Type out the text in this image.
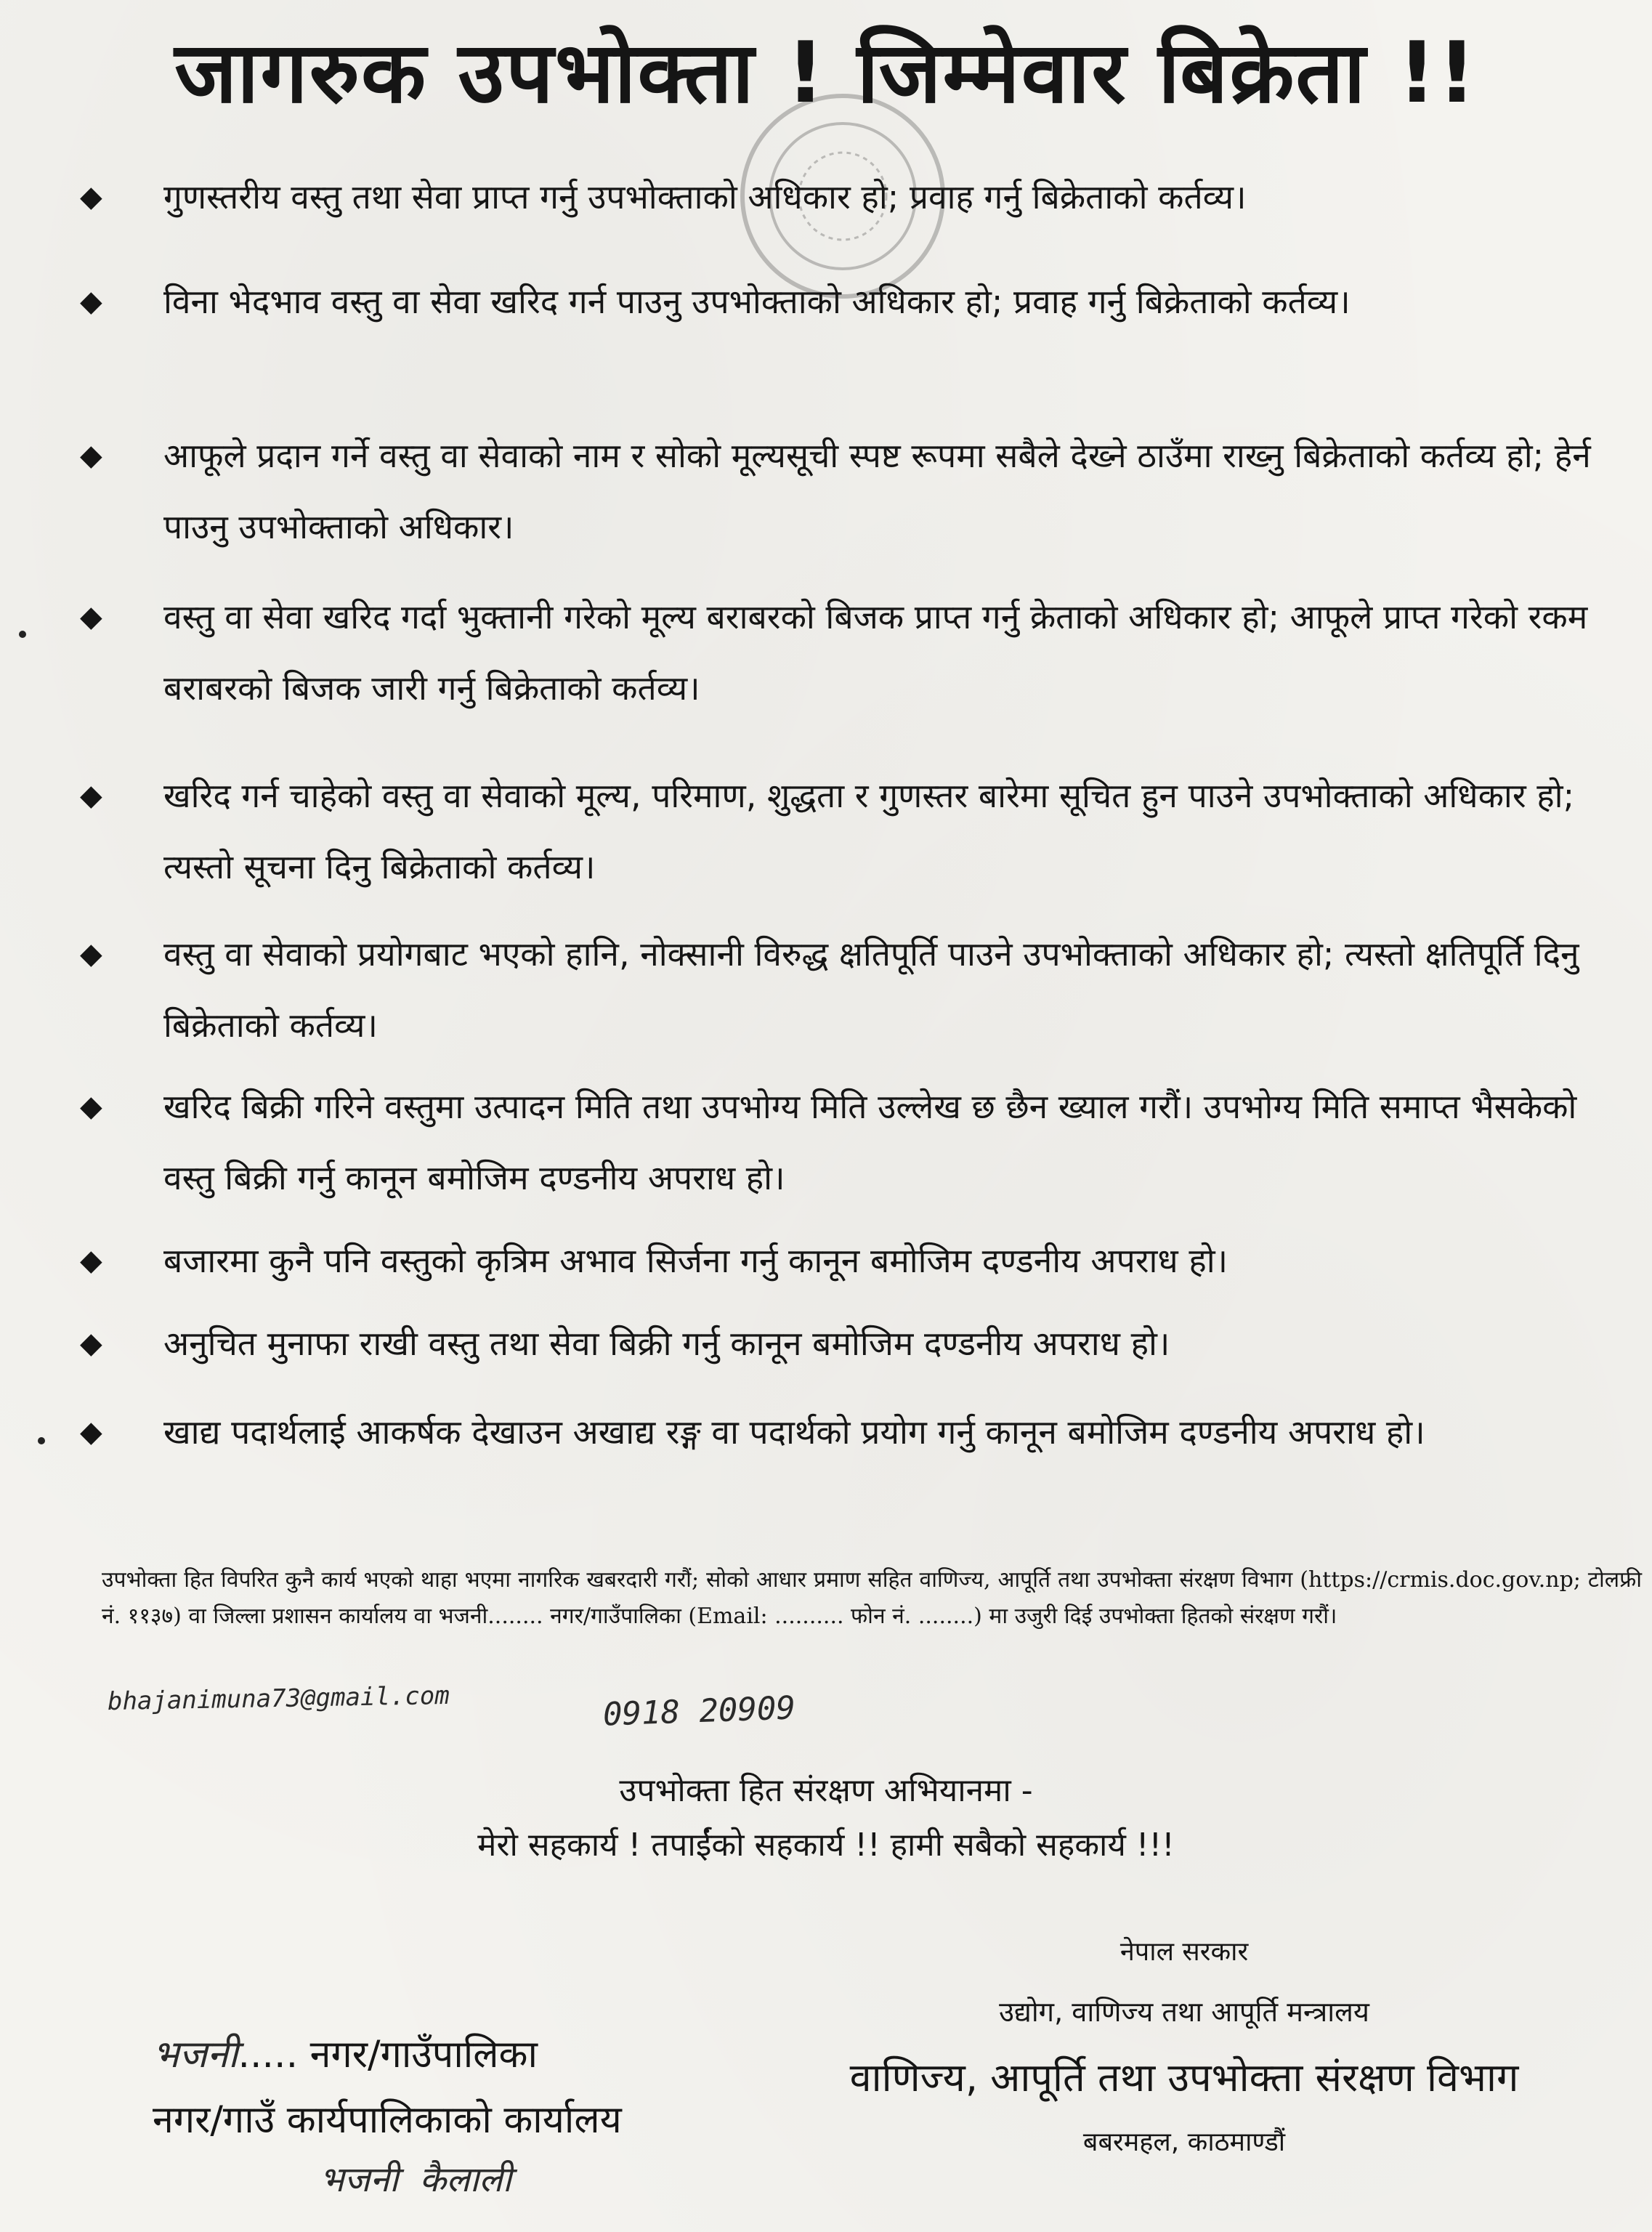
जागरुक उपभोक्ता ! जिम्मेवार बिक्रेता !!
◆	गुणस्तरीय वस्तु तथा सेवा प्राप्त गर्नु उपभोक्ताको अधिकार हो; प्रवाह गर्नु बिक्रेताको कर्तव्य।
◆	विना भेदभाव वस्तु वा सेवा खरिद गर्न पाउनु उपभोक्ताको अधिकार हो; प्रवाह गर्नु बिक्रेताको कर्तव्य।
◆	आफूले प्रदान गर्ने वस्तु वा सेवाको नाम र सोको मूल्यसूची स्पष्ट रूपमा सबैले देख्ने ठाउँमा राख्नु बिक्रेताको कर्तव्य हो; हेर्न पाउनु उपभोक्ताको अधिकार।
◆	वस्तु वा सेवा खरिद गर्दा भुक्तानी गरेको मूल्य बराबरको बिजक प्राप्त गर्नु क्रेताको अधिकार हो; आफूले प्राप्त गरेको रकम बराबरको बिजक जारी गर्नु बिक्रेताको कर्तव्य।
◆	खरिद गर्न चाहेको वस्तु वा सेवाको मूल्य, परिमाण, शुद्धता र गुणस्तर बारेमा सूचित हुन पाउने उपभोक्ताको अधिकार हो; त्यस्तो सूचना दिनु बिक्रेताको कर्तव्य।
◆	वस्तु वा सेवाको प्रयोगबाट भएको हानि, नोक्सानी विरुद्ध क्षतिपूर्ति पाउने उपभोक्ताको अधिकार हो; त्यस्तो क्षतिपूर्ति दिनु बिक्रेताको कर्तव्य।
◆	खरिद बिक्री गरिने वस्तुमा उत्पादन मिति तथा उपभोग्य मिति उल्लेख छ छैन ख्याल गरौं। उपभोग्य मिति समाप्त भैसकेको वस्तु बिक्री गर्नु कानून बमोजिम दण्डनीय अपराध हो।
◆	बजारमा कुनै पनि वस्तुको कृत्रिम अभाव सिर्जना गर्नु कानून बमोजिम दण्डनीय अपराध हो।
◆	अनुचित मुनाफा राखी वस्तु तथा सेवा बिक्री गर्नु कानून बमोजिम दण्डनीय अपराध हो।
◆	खाद्य पदार्थलाई आकर्षक देखाउन अखाद्य रङ्ग वा पदार्थको प्रयोग गर्नु कानून बमोजिम दण्डनीय अपराध हो।
उपभोक्ता हित विपरित कुनै कार्य भएको थाहा भएमा नागरिक खबरदारी गरौं; सोको आधार प्रमाण सहित वाणिज्य, आपूर्ति तथा उपभोक्ता संरक्षण विभाग (https://crmis.doc.gov.np; टोलफ्री नं. ११३७) वा जिल्ला प्रशासन कार्यालय वा भजनी........ नगर/गाउँपालिका (Email: .......... फोन नं. ........) मा उजुरी दिई उपभोक्ता हितको संरक्षण गरौं।
bhajanimuna73@gmail.com	0918 20909
उपभोक्ता हित संरक्षण अभियानमा -
मेरो सहकार्य ! तपाईंको सहकार्य !! हामी सबैको सहकार्य !!!
भजनी..... नगर/गाउँपालिका
नगर/गाउँ कार्यपालिकाको कार्यालय
भजनी कैलाली
नेपाल सरकार
उद्योग, वाणिज्य तथा आपूर्ति मन्त्रालय
वाणिज्य, आपूर्ति तथा उपभोक्ता संरक्षण विभाग
बबरमहल, काठमाण्डौं
